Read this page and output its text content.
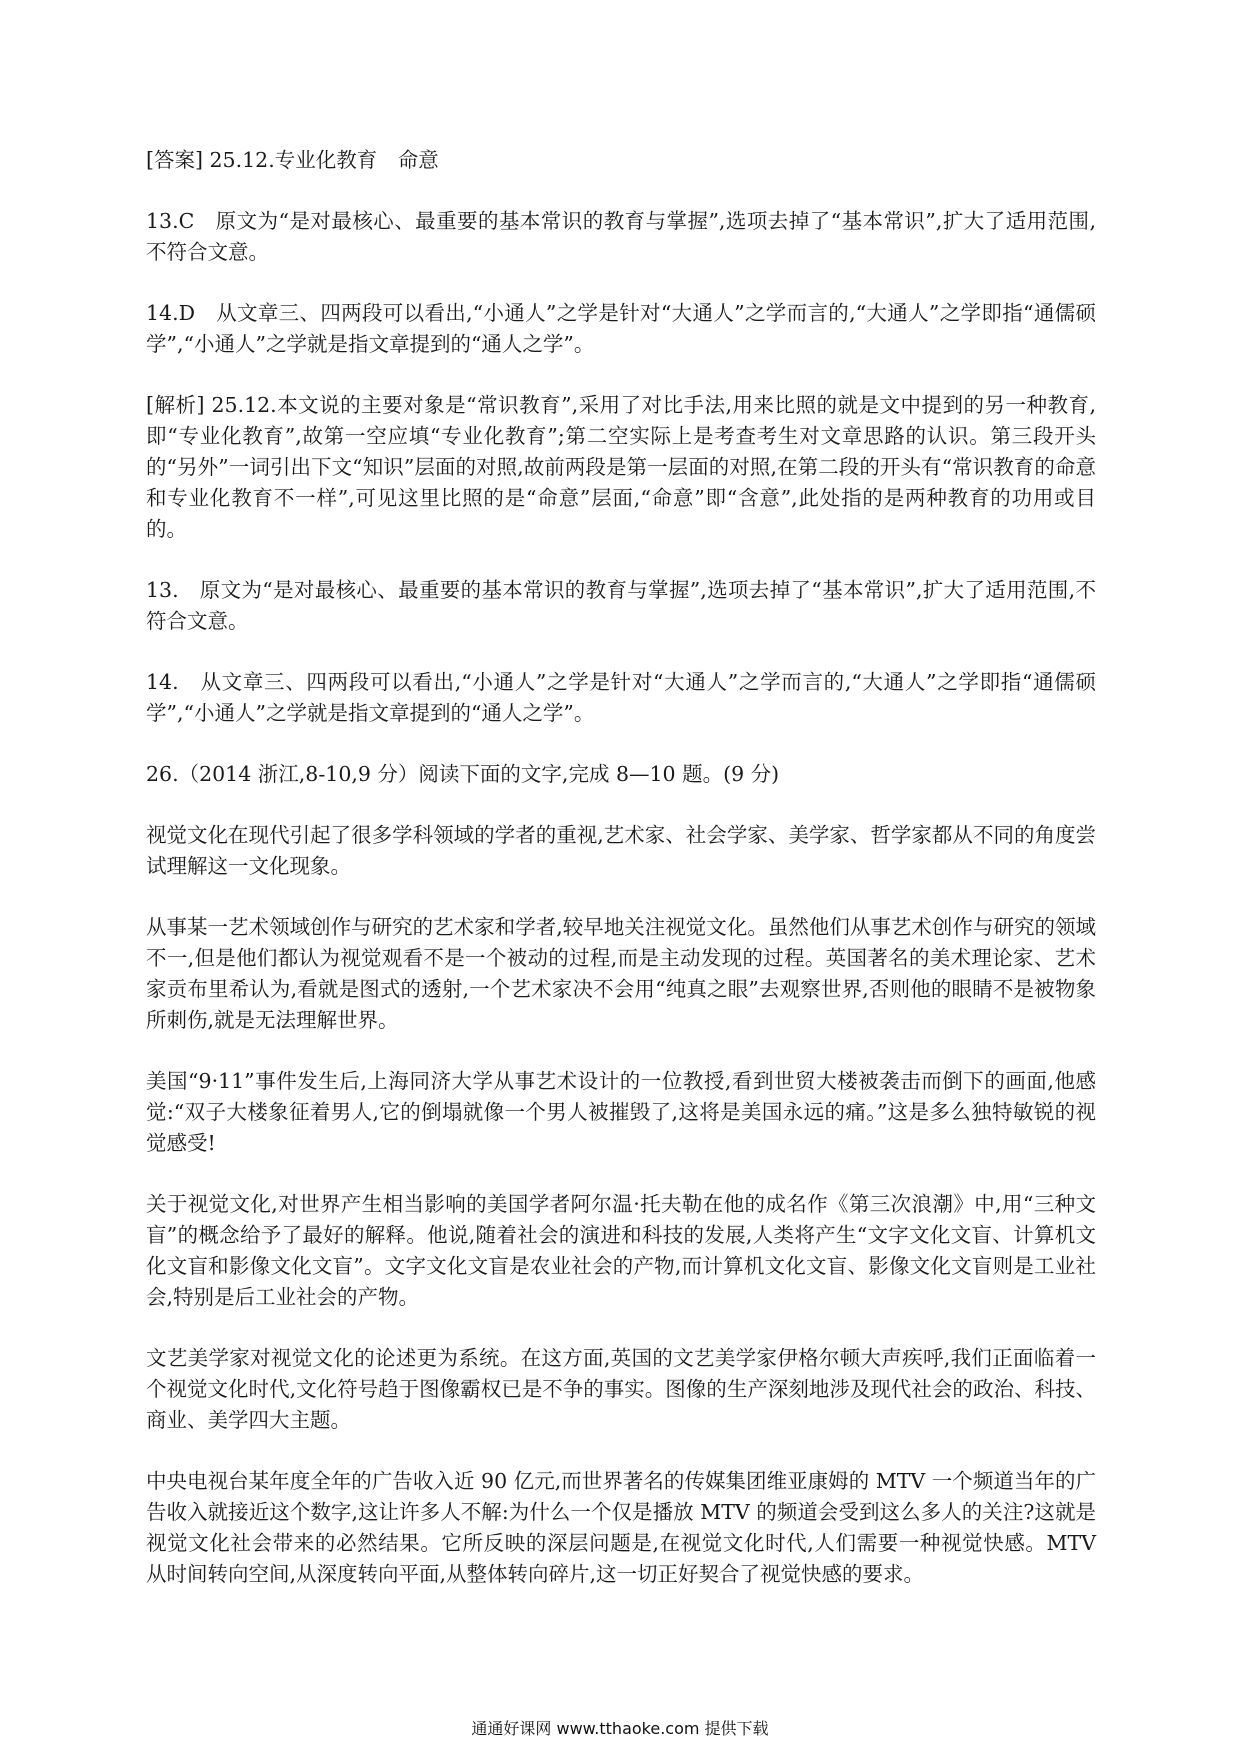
[答案] 25.12.专业化教育　命意

13.C　原文为“是对最核心、最重要的基本常识的教育与掌握”,选项去掉了“基本常识”,扩大了适用范围,不符合文意。

14.D　从文章三、四两段可以看出,“小通人”之学是针对“大通人”之学而言的,“大通人”之学即指“通儒硕学”,“小通人”之学就是指文章提到的“通人之学”。

[解析] 25.12.本文说的主要对象是“常识教育”,采用了对比手法,用来比照的就是文中提到的另一种教育,即“专业化教育”,故第一空应填“专业化教育”;第二空实际上是考查考生对文章思路的认识。第三段开头的“另外”一词引出下文“知识”层面的对照,故前两段是第一层面的对照,在第二段的开头有“常识教育的命意和专业化教育不一样”,可见这里比照的是“命意”层面,“命意”即“含意”,此处指的是两种教育的功用或目的。

13.　原文为“是对最核心、最重要的基本常识的教育与掌握”,选项去掉了“基本常识”,扩大了适用范围,不符合文意。

14.　从文章三、四两段可以看出,“小通人”之学是针对“大通人”之学而言的,“大通人”之学即指“通儒硕学”,“小通人”之学就是指文章提到的“通人之学”。

26.（2014 浙江,8-10,9 分）阅读下面的文字,完成 8—10 题。(9 分)

视觉文化在现代引起了很多学科领域的学者的重视,艺术家、社会学家、美学家、哲学家都从不同的角度尝试理解这一文化现象。

从事某一艺术领域创作与研究的艺术家和学者,较早地关注视觉文化。虽然他们从事艺术创作与研究的领域不一,但是他们都认为视觉观看不是一个被动的过程,而是主动发现的过程。英国著名的美术理论家、艺术家贡布里希认为,看就是图式的透射,一个艺术家决不会用“纯真之眼”去观察世界,否则他的眼睛不是被物象所刺伤,就是无法理解世界。

美国“9·11”事件发生后,上海同济大学从事艺术设计的一位教授,看到世贸大楼被袭击而倒下的画面,他感觉:“双子大楼象征着男人,它的倒塌就像一个男人被摧毁了,这将是美国永远的痛。”这是多么独特敏锐的视觉感受!

关于视觉文化,对世界产生相当影响的美国学者阿尔温·托夫勒在他的成名作《第三次浪潮》中,用“三种文盲”的概念给予了最好的解释。他说,随着社会的演进和科技的发展,人类将产生“文字文化文盲、计算机文化文盲和影像文化文盲”。文字文化文盲是农业社会的产物,而计算机文化文盲、影像文化文盲则是工业社会,特别是后工业社会的产物。

文艺美学家对视觉文化的论述更为系统。在这方面,英国的文艺美学家伊格尔顿大声疾呼,我们正面临着一个视觉文化时代,文化符号趋于图像霸权已是不争的事实。图像的生产深刻地涉及现代社会的政治、科技、商业、美学四大主题。

中央电视台某年度全年的广告收入近 90 亿元,而世界著名的传媒集团维亚康姆的 MTV 一个频道当年的广告收入就接近这个数字,这让许多人不解:为什么一个仅是播放 MTV 的频道会受到这么多人的关注?这就是视觉文化社会带来的必然结果。它所反映的深层问题是,在视觉文化时代,人们需要一种视觉快感。MTV 从时间转向空间,从深度转向平面,从整体转向碎片,这一切正好契合了视觉快感的要求。

通通好课网 www.tthaoke.com 提供下载
